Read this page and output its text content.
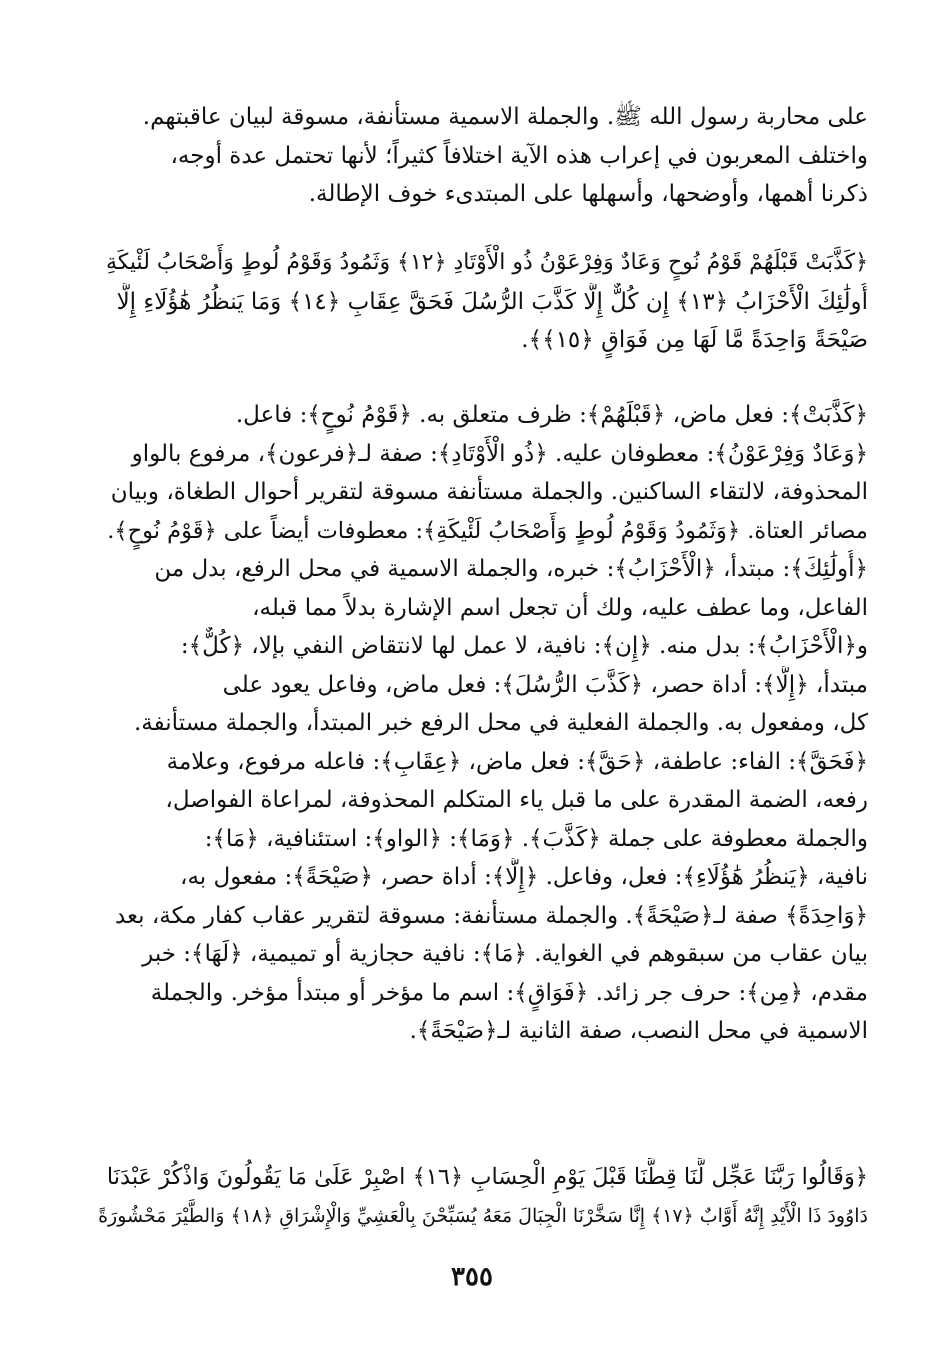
على محاربة رسول الله ﷺ. والجملة الاسمية مستأنفة، مسوقة لبيان عاقبتهم.
واختلف المعربون في إعراب هذه الآية اختلافاً كثيراً؛ لأنها تحتمل عدة أوجه،
ذكرنا أهمها، وأوضحها، وأسهلها على المبتدىء خوف الإطالة.
﴿كَذَّبَتْ قَبْلَهُمْ قَوْمُ نُوحٍ وَعَادٌ وَفِرْعَوْنُ ذُو الْأَوْتَادِ ﴿١٢﴾ وَثَمُودُ وَقَوْمُ لُوطٍ وَأَصْحَابُ لَئْيكَةِ
أُولَٰئِكَ الْأَحْزَابُ ﴿١٣﴾ إِن كُلٌّ إِلَّا كَذَّبَ الرُّسُلَ فَحَقَّ عِقَابِ ﴿١٤﴾ وَمَا يَنظُرُ هَٰؤُلَاءِ إِلَّا
صَيْحَةً وَاحِدَةً مَّا لَهَا مِن فَوَاقٍ ﴿١٥﴾﴾.
﴿كَذَّبَتْ﴾: فعل ماض، ﴿قَبْلَهُمْ﴾: ظرف متعلق به. ﴿قَوْمُ نُوحٍ﴾: فاعل.
﴿وَعَادٌ وَفِرْعَوْنُ﴾: معطوفان عليه. ﴿ذُو الْأَوْتَادِ﴾: صفة لـ﴿فرعون﴾، مرفوع بالواو
المحذوفة، لالتقاء الساكنين. والجملة مستأنفة مسوقة لتقرير أحوال الطغاة، وبيان
مصائر العتاة. ﴿وَثَمُودُ وَقَوْمُ لُوطٍ وَأَصْحَابُ لَئْيكَةِ﴾: معطوفات أيضاً على ﴿قَوْمُ نُوحٍ﴾.
﴿أُولَٰئِكَ﴾: مبتدأ، ﴿الْأَحْزَابُ﴾: خبره، والجملة الاسمية في محل الرفع، بدل من
الفاعل، وما عطف عليه، ولك أن تجعل اسم الإشارة بدلاً مما قبله،
و﴿الْأَحْزَابُ﴾: بدل منه. ﴿إِن﴾: نافية، لا عمل لها لانتقاض النفي بإلا، ﴿كُلٌّ﴾:
مبتدأ، ﴿إِلَّا﴾: أداة حصر، ﴿كَذَّبَ الرُّسُلَ﴾: فعل ماض، وفاعل يعود على
كل، ومفعول به. والجملة الفعلية في محل الرفع خبر المبتدأ، والجملة مستأنفة.
﴿فَحَقَّ﴾: الفاء: عاطفة، ﴿حَقَّ﴾: فعل ماض، ﴿عِقَابِ﴾: فاعله مرفوع، وعلامة
رفعه، الضمة المقدرة على ما قبل ياء المتكلم المحذوفة، لمراعاة الفواصل،
والجملة معطوفة على جملة ﴿كَذَّبَ﴾. ﴿وَمَا﴾: ﴿الواو﴾: استئنافية، ﴿مَا﴾:
نافية، ﴿يَنظُرُ هَٰؤُلَاءِ﴾: فعل، وفاعل. ﴿إِلَّا﴾: أداة حصر، ﴿صَيْحَةً﴾: مفعول به،
﴿وَاحِدَةً﴾ صفة لـ﴿صَيْحَةً﴾. والجملة مستأنفة: مسوقة لتقرير عقاب كفار مكة، بعد
بيان عقاب من سبقوهم في الغواية. ﴿مَا﴾: نافية حجازية أو تميمية، ﴿لَهَا﴾: خبر
مقدم، ﴿مِن﴾: حرف جر زائد. ﴿فَوَاقٍ﴾: اسم ما مؤخر أو مبتدأ مؤخر. والجملة
الاسمية في محل النصب، صفة الثانية لـ﴿صَيْحَةً﴾.
﴿وَقَالُوا رَبَّنَا عَجِّل لَّنَا قِطَّنَا قَبْلَ يَوْمِ الْحِسَابِ ﴿١٦﴾ اصْبِرْ عَلَىٰ مَا يَقُولُونَ وَاذْكُرْ عَبْدَنَا
دَاوُودَ ذَا الْأَيْدِ إِنَّهُ أَوَّابٌ ﴿١٧﴾ إِنَّا سَخَّرْنَا الْجِبَالَ مَعَهُ يُسَبِّحْنَ بِالْعَشِيِّ وَالْإِشْرَاقِ ﴿١٨﴾ وَالطَّيْرَ مَحْشُورَةً
٣٥٥
